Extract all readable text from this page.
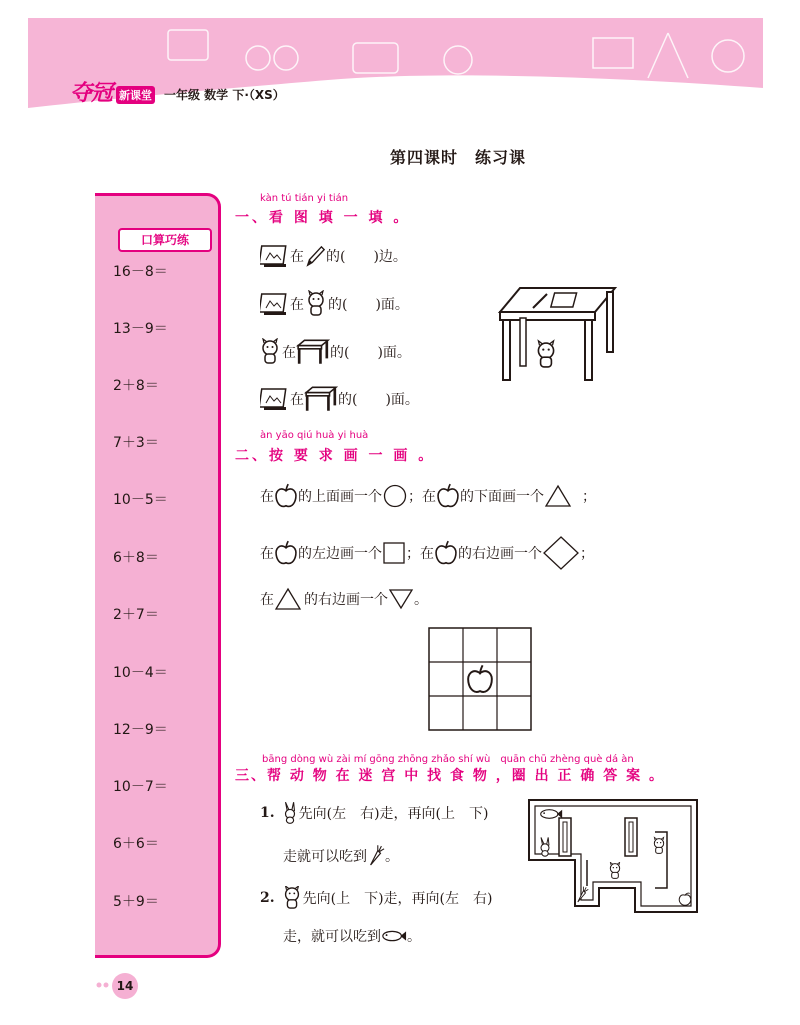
夺冠 新课堂 一年级 数学 下·（XS）
第四课时　练习课
口算巧练
16－8＝
13－9＝
2＋8＝
7＋3＝
10－5＝
6＋8＝
2＋7＝
10－4＝
12－9＝
10－7＝
6＋6＝
5＋9＝
14
kàn tú tián yi tián
一、看 图 填 一 填 。
在 的(　　)边。
在 的(　　)面。
在 的(　　)面。
在 的(　　)面。
àn yāo qiú huà yi huà
二、按 要 求 画 一 画 。
在 的上面画一个 ；在 的下面画一个	；
在 的左边画一个 ；在 的右边画一个	；
在 的右边画一个 。
bāng dòng wù zài mí gōng zhōng zhǎo shí wù　quān chū zhèng què dá àn
三、帮 动 物 在 迷 宫 中 找 食 物 ，圈 出 正 确 答 案 。
1. 先向(左　右)走，再向(上　下)
走就可以吃到 。
2. 先向(上　下)走，再向(左　右)
走，就可以吃到 。
